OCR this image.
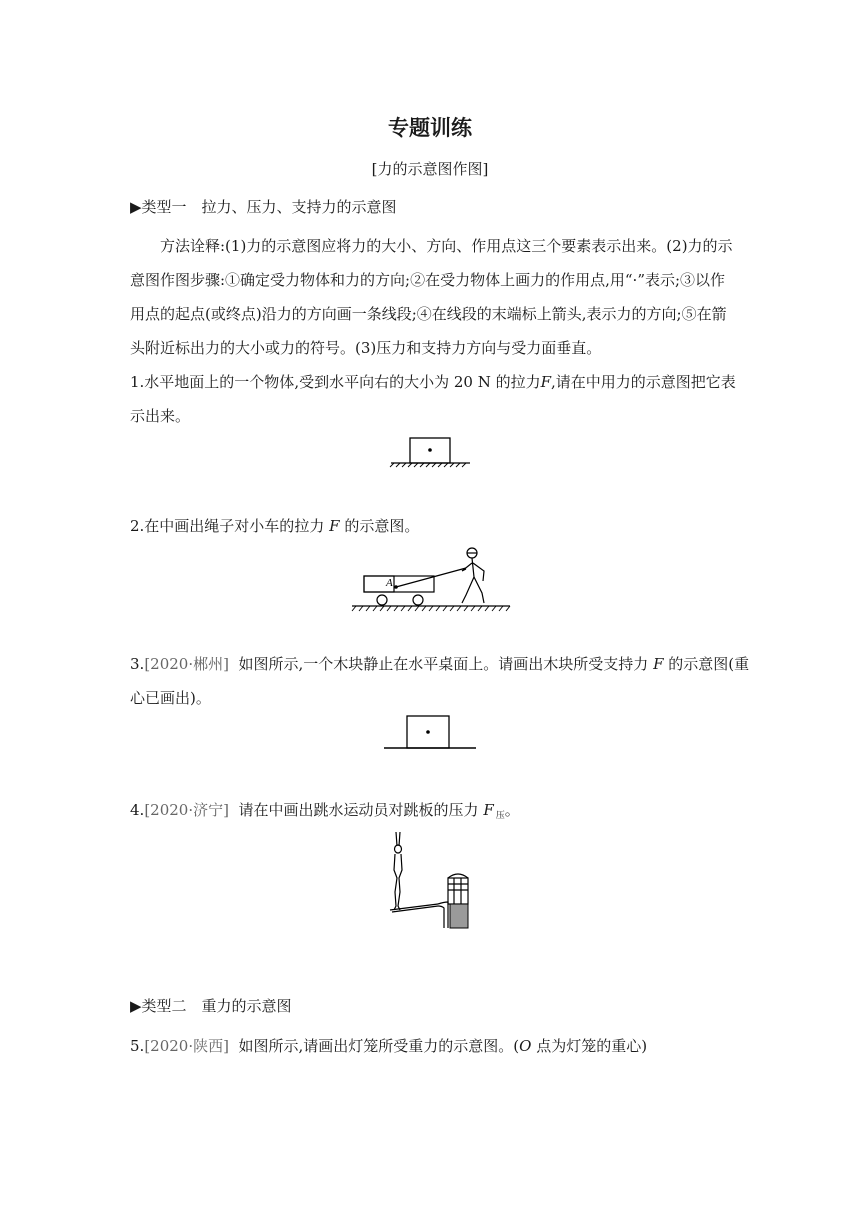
专题训练
[力的示意图作图]
▶类型一　拉力、压力、支持力的示意图
方法诠释:(1)力的示意图应将力的大小、方向、作用点这三个要素表示出来。(2)力的示
意图作图步骤:①确定受力物体和力的方向;②在受力物体上画力的作用点,用“·”表示;③以作
用点的起点(或终点)沿力的方向画一条线段;④在线段的末端标上箭头,表示力的方向;⑤在箭
头附近标出力的大小或力的符号。(3)压力和支持力方向与受力面垂直。
1.水平地面上的一个物体,受到水平向右的大小为 20 N 的拉力F,请在中用力的示意图把它表
示出来。
2.在中画出绳子对小车的拉力 F 的示意图。
A
3.[2020·郴州] 如图所示,一个木块静止在水平桌面上。请画出木块所受支持力 F 的示意图(重
心已画出)。
4.[2020·济宁] 请在中画出跳水运动员对跳板的压力 F $_压$。
▶类型二　重力的示意图
5.[2020·陕西] 如图所示,请画出灯笼所受重力的示意图。(O 点为灯笼的重心)
